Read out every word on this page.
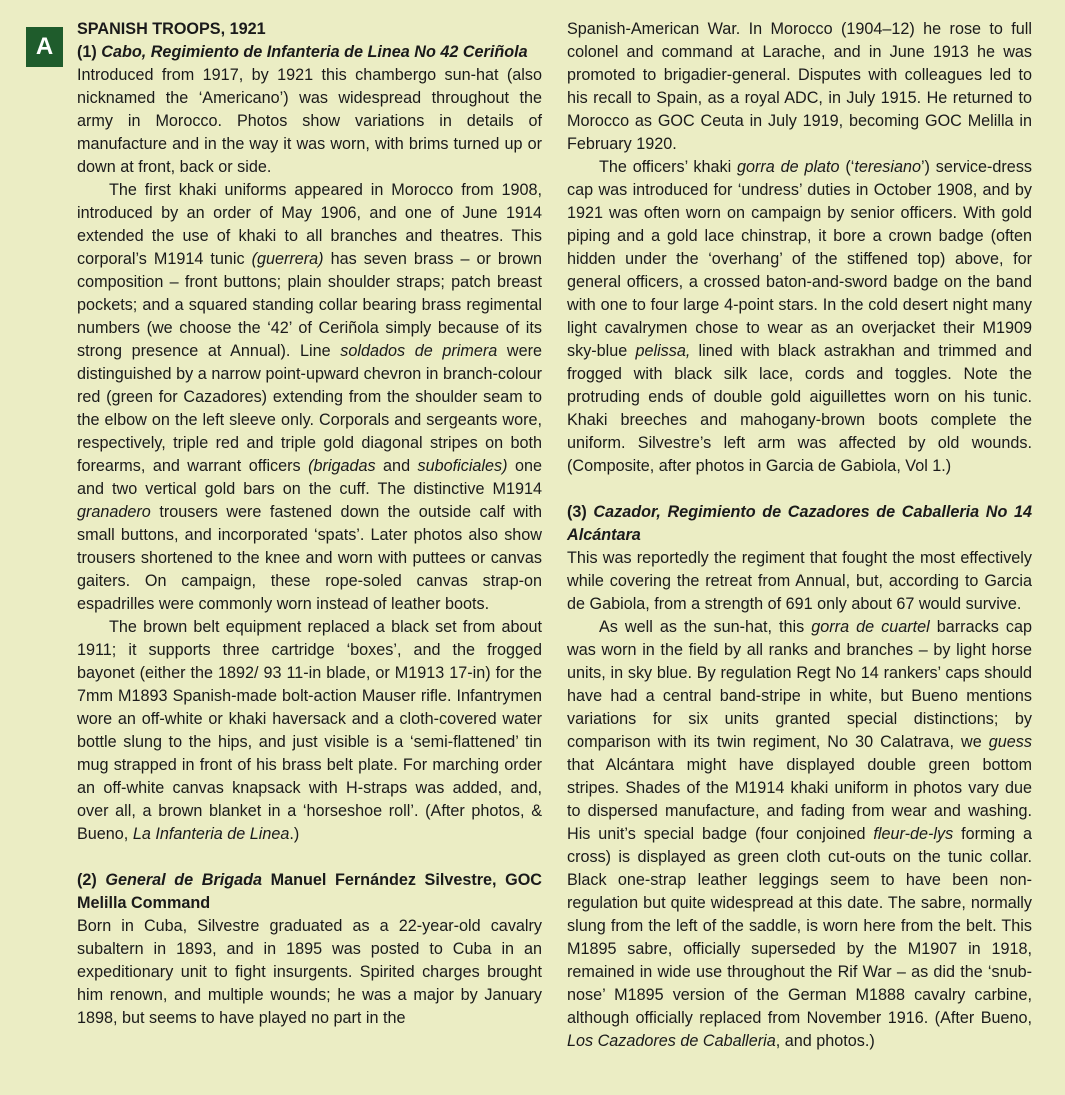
A

SPANISH TROOPS, 1921

(1) Cabo, Regimiento de Infanteria de Linea No 42 Ceriñola

Introduced from 1917, by 1921 this chambergo sun-hat (also nicknamed the ‘Americano’) was widespread throughout the army in Morocco. Photos show variations in details of manufacture and in the way it was worn, with brims turned up or down at front, back or side.

The first khaki uniforms appeared in Morocco from 1908, introduced by an order of May 1906, and one of June 1914 extended the use of khaki to all branches and theatres. This corporal’s M1914 tunic (guerrera) has seven brass – or brown composition – front buttons; plain shoulder straps; patch breast pockets; and a squared standing collar bearing brass regimental numbers (we choose the ‘42’ of Ceriñola simply because of its strong presence at Annual). Line soldados de primera were distinguished by a narrow point-upward chevron in branch-colour red (green for Cazadores) extending from the shoulder seam to the elbow on the left sleeve only. Corporals and sergeants wore, respectively, triple red and triple gold diagonal stripes on both forearms, and warrant officers (brigadas and suboficiales) one and two vertical gold bars on the cuff. The distinctive M1914 granadero trousers were fastened down the outside calf with small buttons, and incorporated ‘spats’. Later photos also show trousers shortened to the knee and worn with puttees or canvas gaiters. On campaign, these rope-soled canvas strap-on espadrilles were commonly worn instead of leather boots.

The brown belt equipment replaced a black set from about 1911; it supports three cartridge ‘boxes’, and the frogged bayonet (either the 1892/ 93 11-in blade, or M1913 17-in) for the 7mm M1893 Spanish-made bolt-action Mauser rifle. Infantrymen wore an off-white or khaki haversack and a cloth-covered water bottle slung to the hips, and just visible is a ‘semi-flattened’ tin mug strapped in front of his brass belt plate. For marching order an off-white canvas knapsack with H-straps was added, and, over all, a brown blanket in a ‘horseshoe roll’. (After photos, & Bueno, La Infanteria de Linea.)

(2) General de Brigada Manuel Fernández Silvestre, GOC Melilla Command

Born in Cuba, Silvestre graduated as a 22-year-old cavalry subaltern in 1893, and in 1895 was posted to Cuba in an expeditionary unit to fight insurgents. Spirited charges brought him renown, and multiple wounds; he was a major by January 1898, but seems to have played no part in the

Spanish-American War. In Morocco (1904–12) he rose to full colonel and command at Larache, and in June 1913 he was promoted to brigadier-general. Disputes with colleagues led to his recall to Spain, as a royal ADC, in July 1915. He returned to Morocco as GOC Ceuta in July 1919, becoming GOC Melilla in February 1920.

The officers’ khaki gorra de plato (‘teresiano’) service-dress cap was introduced for ‘undress’ duties in October 1908, and by 1921 was often worn on campaign by senior officers. With gold piping and a gold lace chinstrap, it bore a crown badge (often hidden under the ‘overhang’ of the stiffened top) above, for general officers, a crossed baton-and-sword badge on the band with one to four large 4-point stars. In the cold desert night many light cavalrymen chose to wear as an overjacket their M1909 sky-blue pelissa, lined with black astrakhan and trimmed and frogged with black silk lace, cords and toggles. Note the protruding ends of double gold aiguillettes worn on his tunic. Khaki breeches and mahogany-brown boots complete the uniform. Silvestre’s left arm was affected by old wounds. (Composite, after photos in Garcia de Gabiola, Vol 1.)

(3) Cazador, Regimiento de Cazadores de Caballeria No 14 Alcántara

This was reportedly the regiment that fought the most effectively while covering the retreat from Annual, but, according to Garcia de Gabiola, from a strength of 691 only about 67 would survive.

As well as the sun-hat, this gorra de cuartel barracks cap was worn in the field by all ranks and branches – by light horse units, in sky blue. By regulation Regt No 14 rankers’ caps should have had a central band-stripe in white, but Bueno mentions variations for six units granted special distinctions; by comparison with its twin regiment, No 30 Calatrava, we guess that Alcántara might have displayed double green bottom stripes. Shades of the M1914 khaki uniform in photos vary due to dispersed manufacture, and fading from wear and washing. His unit’s special badge (four conjoined fleur-de-lys forming a cross) is displayed as green cloth cut-outs on the tunic collar. Black one-strap leather leggings seem to have been non-regulation but quite widespread at this date. The sabre, normally slung from the left of the saddle, is worn here from the belt. This M1895 sabre, officially superseded by the M1907 in 1918, remained in wide use throughout the Rif War – as did the ‘snub-nose’ M1895 version of the German M1888 cavalry carbine, although officially replaced from November 1916. (After Bueno, Los Cazadores de Caballeria, and photos.)
